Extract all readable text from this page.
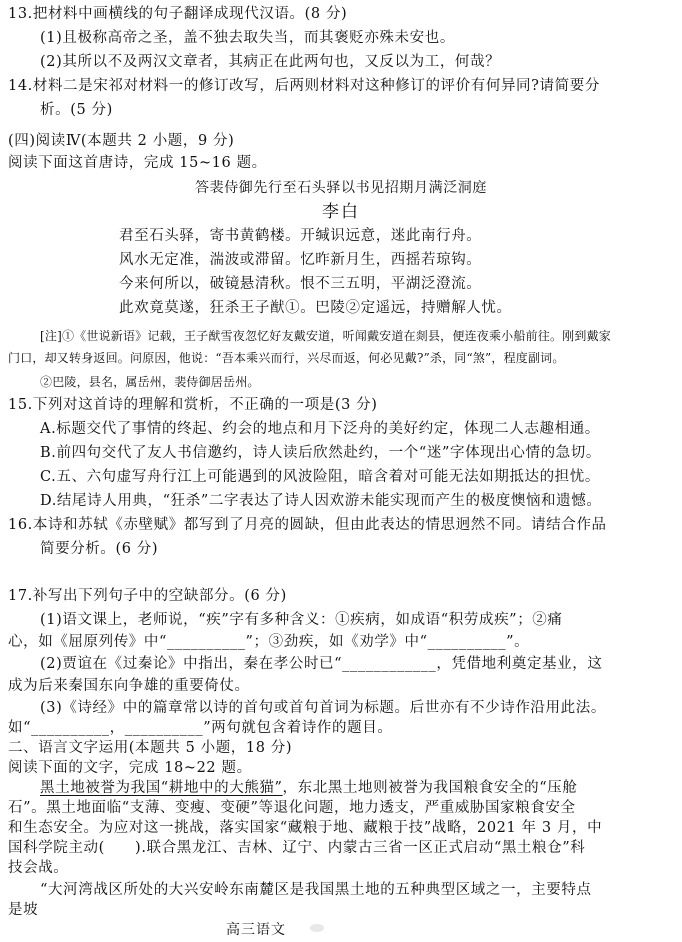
13.把材料中画横线的句子翻译成现代汉语。(8 分)
(1)且极称高帝之圣，盖不独去取失当，而其褒贬亦殊未安也。
(2)其所以不及两汉文章者，其病正在此两句也，又反以为工，何哉？
14.材料二是宋祁对材料一的修订改写，后两则材料对这种修订的评价有何异同?请简要分
析。(5 分)
(四)阅读Ⅳ(本题共 2 小题，9 分)
阅读下面这首唐诗，完成 15~16 题。
答裴侍御先行至石头驿以书见招期月满泛洞庭
李白
君至石头驿，寄书黄鹤楼。开缄识远意，迷此南行舟。
风水无定准，湍波或滞留。忆昨新月生，西摇若琼钩。
今来何所以，破镜悬清秋。恨不三五明，平湖泛澄流。
此欢竟莫遂，狂杀王子猷①。巴陵②定遥远，持赠解人忧。
[注]①《世说新语》记载，王子猷雪夜忽忆好友戴安道，听闻戴安道在剡县，便连夜乘小船前往。刚到戴家
门口，却又转身返回。问原因，他说：“吾本乘兴而行，兴尽而返，何必见戴?”杀，同“煞”，程度副词。
②巴陵，县名，属岳州，裴侍御居岳州。
15.下列对这首诗的理解和赏析，不正确的一项是(3 分)
A.标题交代了事情的终起、约会的地点和月下泛舟的美好约定，体现二人志趣相通。
B.前四句交代了友人书信邀约，诗人读后欣然赴约，一个“迷”字体现出心情的急切。
C.五、六句虚写舟行江上可能遇到的风波险阻，暗含着对可能无法如期抵达的担忧。
D.结尾诗人用典，“狂杀”二字表达了诗人因欢游未能实现而产生的极度懊恼和遗憾。
16.本诗和苏轼《赤壁赋》都写到了月亮的圆缺，但由此表达的情思迥然不同。请结合作品
简要分析。(6 分)
17.补写出下列句子中的空缺部分。(6 分)
(1)语文课上，老师说，“疾”字有多种含义：①疾病，如成语“积劳成疾”；②痛
心，如《屈原列传》中“__________”；③劲疾，如《劝学》中“__________”。
(2)贾谊在《过秦论》中指出，秦在孝公时已“____________，凭借地利奠定基业，这
成为后来秦国东向争雄的重要倚仗。
(3)《诗经》中的篇章常以诗的首句或首句首词为标题。后世亦有不少诗作沿用此法。
如“__________，__________”两句就包含着诗作的题目。
二、语言文字运用(本题共 5 小题，18 分)
阅读下面的文字，完成 18~22 题。
黑土地被誉为我国“耕地中的大熊猫”，东北黑土地则被誉为我国粮食安全的“压舱
石”。黑土地面临“支薄、变瘦、变硬”等退化问题，地力透支，严重威胁国家粮食安全
和生态安全。为应对这一挑战，落实国家“藏粮于地、藏粮于技”战略，2021 年 3 月，中
国科学院主动(　　).联合黑龙江、吉林、辽宁、内蒙古三省一区正式启动“黑土粮仓”科
技会战。
“大河湾战区所处的大兴安岭东南麓区是我国黑土地的五种典型区域之一，主要特点
是坡
高三语文
